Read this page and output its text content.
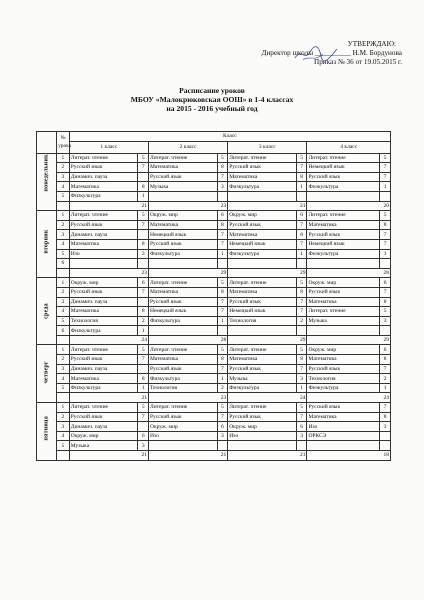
УТВЕРЖДАЮ:
Директор школы __________ Н.М. Бордунова
Приказ № 36 от 19.05.2015 г.
Расписание уроков
МБОУ «Малокрюковская ООШ» в 1-4 классах
на 2015 - 2016 учебный год
	№ урока	Класс							
		1 класс		2 класс		3 класс		4 класс	

понедельник	1	Литерат. чтение	5	Литерат. чтение	5	Литерат. чтение	5	Литерат. чтение	5
	2	Русский язык	7	Математика	8	Русский язык	7	Немецкий язык	7
	3	Динамич. пауза		Русский язык	7	Математика	8	Русский язык	7
	4	Математика	8	Музыка	3	Физкультура	1	Физкультура	1
	5	Физкультура	1						
		21		23		21		20	

вторник	1	Литерат. чтение	5	Окруж. мир	6	Окруж. мир	6	Литерат. чтение	5
	2	Русский язык	7	Математика	8	Русский язык	7	Математика	8
	3	Динамич. пауза		Немецкий язык	7	Математика	8	Русский язык	7
	4	Математика	8	Русский язык	7	Немецкий язык	7	Немецкий язык	7
	5	Изо	3	Физкультура	1	Физкультура	1	Физкультура	1
	6								
		23		29		29		28	

среда	1	Окруж. мир	6	Литерат. чтение	5	Литерат. чтение	5	Окруж. мир	6
	2	Русский язык	7	Математика	8	Математика	8	Русский язык	7
	3	Динамич. пауза		Русский язык	7	Русский язык	7	Математика	8
	4	Математика	8	Немецкий язык	7	Немецкий язык	7	Литерат. чтение	5
	5	Технология	2	Физкультура	1	Технология	2	Музыка	3
	6	Физкультура	1						
		24		28		29		29	

четверг	1	Литерат. чтение	5	Литерат. чтение	5	Литерат. чтение	5	Окруж. мир	6
	2	Русский язык	7	Математика	8	Математика	8	Математика	8
	3	Динамич. пауза		Русский язык	7	Русский язык	7	Русский язык	7
	4	Математика	8	Физкультура	1	Музыка	3	Технология	2
	5	Физкультура	1	Технология	2	Физкультура	1	Физкультура	1
		21		23		24		24	

пятница	1	Литерат. чтение	5	Литерат. чтение	5	Литерат. чтение	5	Русский язык	7
	2	Русский язык	7	Русский язык	7	Русский язык	7	Математика	8
	3	Динамич. пауза		Окруж. мир	6	Окруж. мир	6	Изо	3
	4	Окруж. мир	6	Изо	3	Изо	3	ОРКСЭ	
	5	Музыка	3						
		21		21		21		18	
